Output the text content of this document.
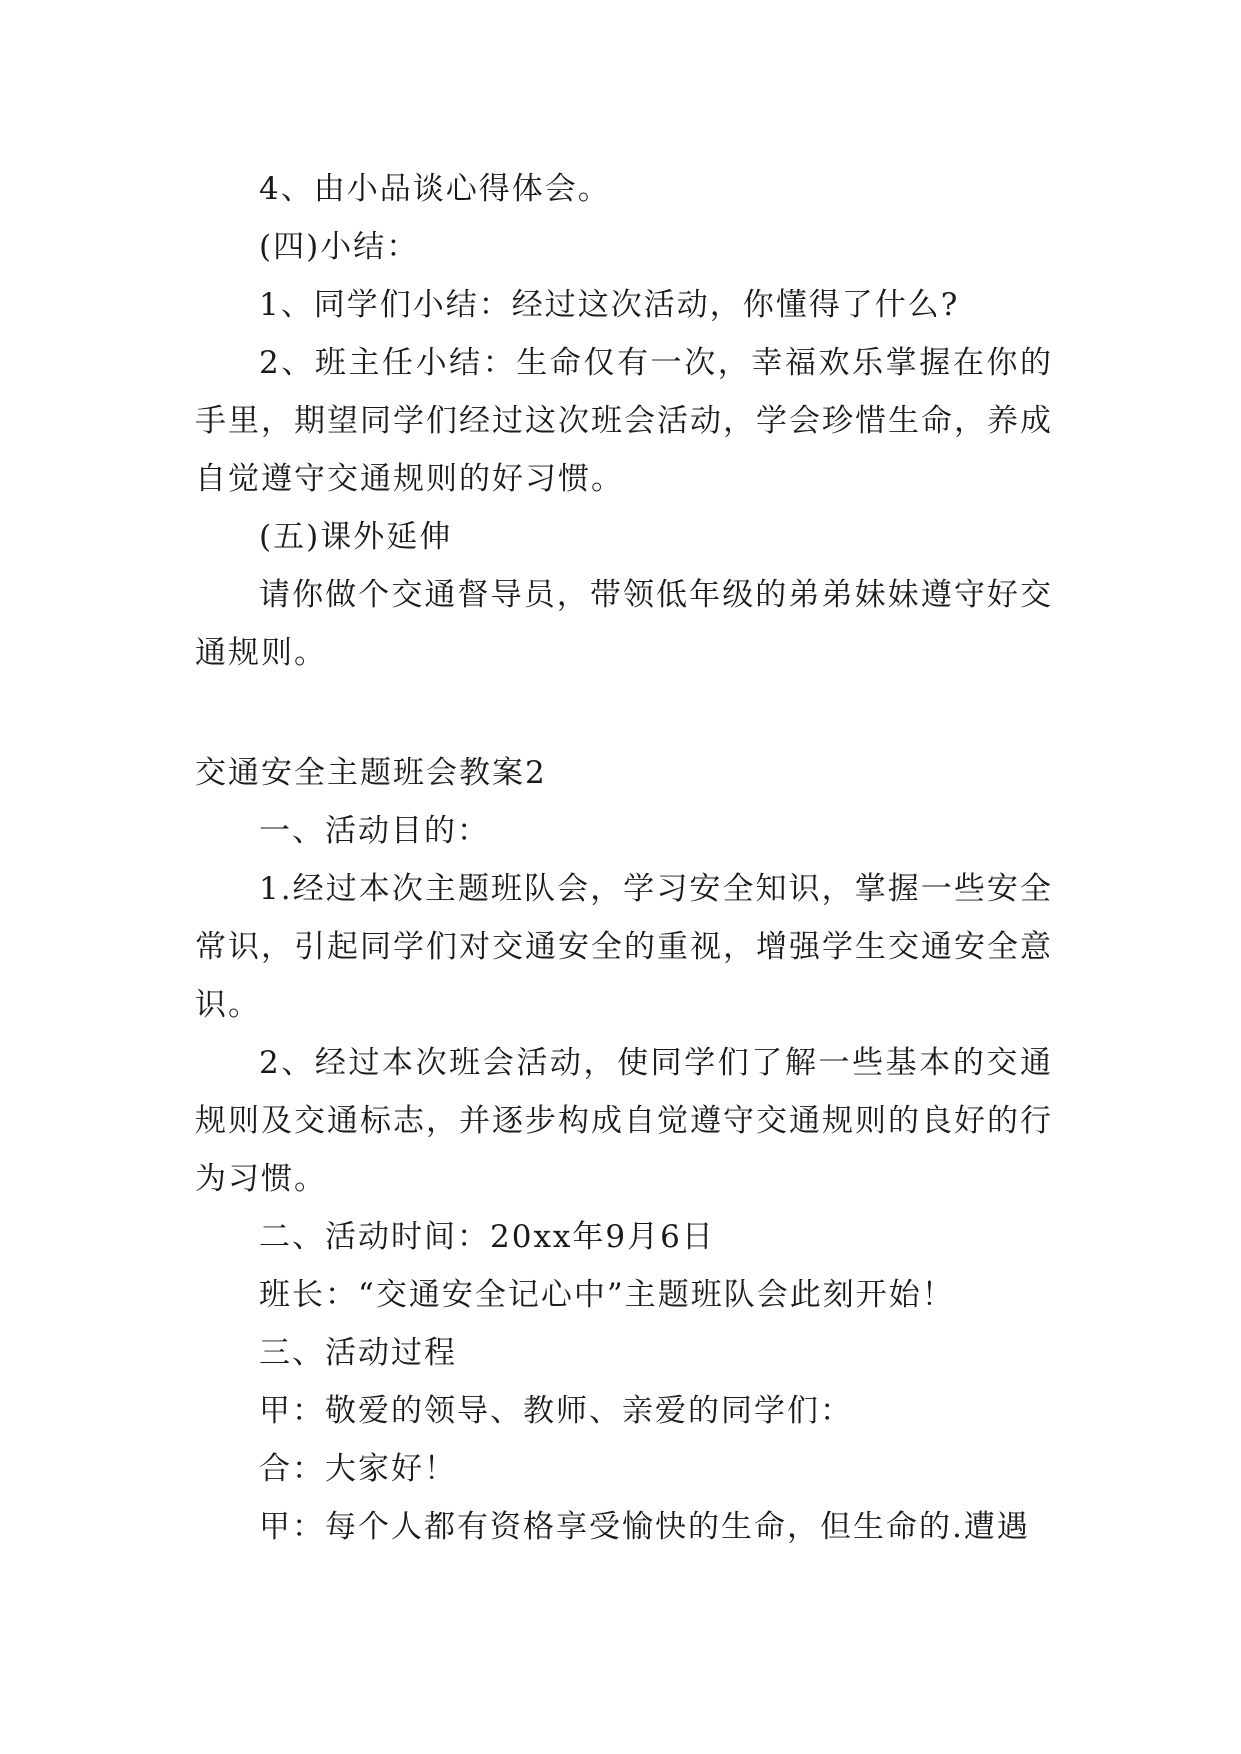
4、由小品谈心得体会。

(四)小结：

1、同学们小结：经过这次活动，你懂得了什么?

2、班主任小结：生命仅有一次，幸福欢乐掌握在你的手里，期望同学们经过这次班会活动，学会珍惜生命，养成自觉遵守交通规则的好习惯。

(五)课外延伸

请你做个交通督导员，带领低年级的弟弟妹妹遵守好交通规则。

交通安全主题班会教案2

一、活动目的：

1.经过本次主题班队会，学习安全知识，掌握一些安全常识，引起同学们对交通安全的重视，增强学生交通安全意识。

2、经过本次班会活动，使同学们了解一些基本的交通规则及交通标志，并逐步构成自觉遵守交通规则的良好的行为习惯。

二、活动时间：20xx年9月6日

班长：“交通安全记心中”主题班队会此刻开始！

三、活动过程

甲：敬爱的领导、教师、亲爱的同学们：

合：大家好！

甲：每个人都有资格享受愉快的生命，但生命的.遭遇
